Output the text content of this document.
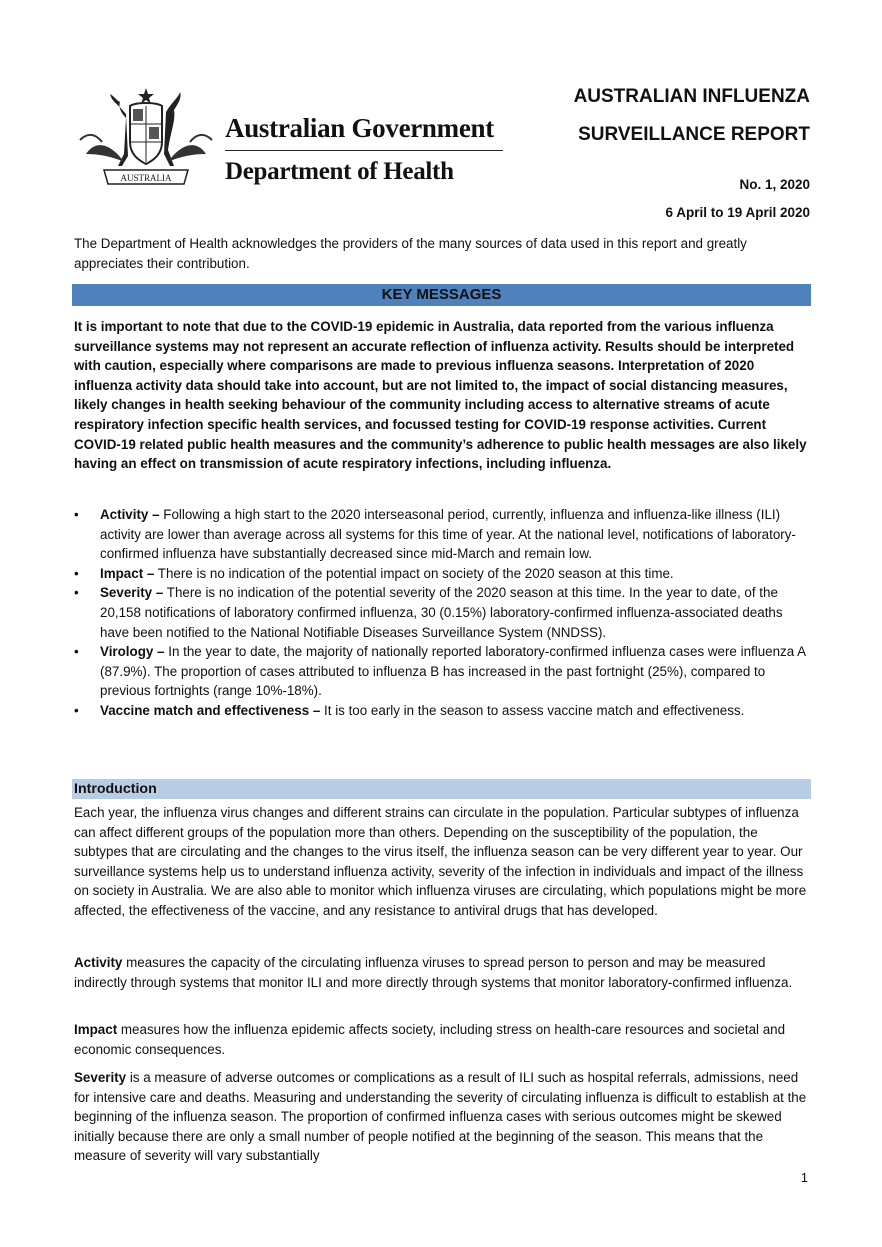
AUSTRALIA
Australian Government
Department of Health
AUSTRALIAN INFLUENZA
SURVEILLANCE REPORT
No. 1, 2020
6 April to 19 April 2020
The Department of Health acknowledges the providers of the many sources of data used in this report and greatly appreciates their contribution.
KEY MESSAGES
It is important to note that due to the COVID-19 epidemic in Australia, data reported from the various influenza surveillance systems may not represent an accurate reflection of influenza activity. Results should be interpreted with caution, especially where comparisons are made to previous influenza seasons. Interpretation of 2020 influenza activity data should take into account, but are not limited to, the impact of social distancing measures, likely changes in health seeking behaviour of the community including access to alternative streams of acute respiratory infection specific health services, and focussed testing for COVID-19 response activities. Current COVID-19 related public health measures and the community’s adherence to public health messages are also likely having an effect on transmission of acute respiratory infections, including influenza.
• Activity – Following a high start to the 2020 interseasonal period, currently, influenza and influenza-like illness (ILI) activity are lower than average across all systems for this time of year. At the national level, notifications of laboratory-confirmed influenza have substantially decreased since mid-March and remain low.
• Impact – There is no indication of the potential impact on society of the 2020 season at this time.
• Severity – There is no indication of the potential severity of the 2020 season at this time. In the year to date, of the 20,158 notifications of laboratory confirmed influenza, 30 (0.15%) laboratory-confirmed influenza-associated deaths have been notified to the National Notifiable Diseases Surveillance System (NNDSS).
• Virology – In the year to date, the majority of nationally reported laboratory-confirmed influenza cases were influenza A (87.9%). The proportion of cases attributed to influenza B has increased in the past fortnight (25%), compared to previous fortnights (range 10%-18%).
• Vaccine match and effectiveness – It is too early in the season to assess vaccine match and effectiveness.
Introduction
Each year, the influenza virus changes and different strains can circulate in the population. Particular subtypes of influenza can affect different groups of the population more than others. Depending on the susceptibility of the population, the subtypes that are circulating and the changes to the virus itself, the influenza season can be very different year to year. Our surveillance systems help us to understand influenza activity, severity of the infection in individuals and impact of the illness on society in Australia. We are also able to monitor which influenza viruses are circulating, which populations might be more affected, the effectiveness of the vaccine, and any resistance to antiviral drugs that has developed.
Activity measures the capacity of the circulating influenza viruses to spread person to person and may be measured indirectly through systems that monitor ILI and more directly through systems that monitor laboratory-confirmed influenza.
Impact measures how the influenza epidemic affects society, including stress on health-care resources and societal and economic consequences.
Severity is a measure of adverse outcomes or complications as a result of ILI such as hospital referrals, admissions, need for intensive care and deaths. Measuring and understanding the severity of circulating influenza is difficult to establish at the beginning of the influenza season. The proportion of confirmed influenza cases with serious outcomes might be skewed initially because there are only a small number of people notified at the beginning of the season. This means that the measure of severity will vary substantially
1
